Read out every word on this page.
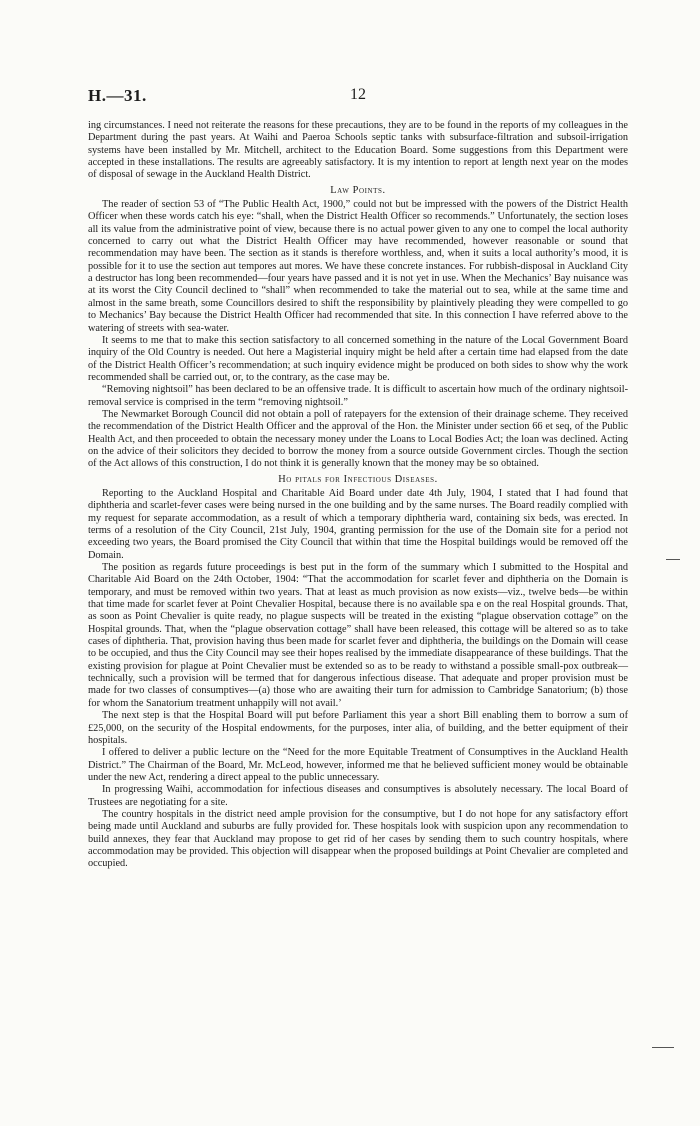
H.—31.	12

ing circumstances. I need not reiterate the reasons for these precautions, they are to be found in the reports of my colleagues in the Department during the past years. At Waihi and Paeroa Schools septic tanks with subsurface-filtration and subsoil-irrigation systems have been installed by Mr. Mitchell, architect to the Education Board. Some suggestions from this Department were accepted in these installations. The results are agreeably satisfactory. It is my intention to report at length next year on the modes of disposal of sewage in the Auckland Health District.

Law Points.

The reader of section 53 of “The Public Health Act, 1900,” could not but be impressed with the powers of the District Health Officer when these words catch his eye: “shall, when the District Health Officer so recommends.” Unfortunately, the section loses all its value from the administrative point of view, because there is no actual power given to any one to compel the local authority concerned to carry out what the District Health Officer may have recommended, however reasonable or sound that recommendation may have been. The section as it stands is therefore worthless, and, when it suits a local authority’s mood, it is possible for it to use the section aut tempores aut mores. We have these concrete instances. For rubbish-disposal in Auckland City a destructor has long been recommended—four years have passed and it is not yet in use. When the Mechanics’ Bay nuisance was at its worst the City Council declined to “shall” when recommended to take the material out to sea, while at the same time and almost in the same breath, some Councillors desired to shift the responsibility by plaintively pleading they were compelled to go to Mechanics’ Bay because the District Health Officer had recommended that site. In this connection I have referred above to the watering of streets with sea-water.

It seems to me that to make this section satisfactory to all concerned something in the nature of the Local Government Board inquiry of the Old Country is needed. Out here a Magisterial inquiry might be held after a certain time had elapsed from the date of the District Health Officer’s recommendation; at such inquiry evidence might be produced on both sides to show why the work recommended shall be carried out, or, to the contrary, as the case may be.

“Removing nightsoil” has been declared to be an offensive trade. It is difficult to ascertain how much of the ordinary nightsoil-removal service is comprised in the term “removing nightsoil.”

The Newmarket Borough Council did not obtain a poll of ratepayers for the extension of their drainage scheme. They received the recommendation of the District Health Officer and the approval of the Hon. the Minister under section 66 et seq, of the Public Health Act, and then proceeded to obtain the necessary money under the Loans to Local Bodies Act; the loan was declined. Acting on the advice of their solicitors they decided to borrow the money from a source outside Government circles. Though the section of the Act allows of this construction, I do not think it is generally known that the money may be so obtained.

Ho pitals for Infectious Diseases.

Reporting to the Auckland Hospital and Charitable Aid Board under date 4th July, 1904, I stated that I had found that diphtheria and scarlet-fever cases were being nursed in the one building and by the same nurses. The Board readily complied with my request for separate accommodation, as a result of which a temporary diphtheria ward, containing six beds, was erected. In terms of a resolution of the City Council, 21st July, 1904, granting permission for the use of the Domain site for a period not exceeding two years, the Board promised the City Council that within that time the Hospital buildings would be removed off the Domain.

The position as regards future proceedings is best put in the form of the summary which I submitted to the Hospital and Charitable Aid Board on the 24th October, 1904: “That the accommodation for scarlet fever and diphtheria on the Domain is temporary, and must be removed within two years. That at least as much provision as now exists—viz., twelve beds—be within that time made for scarlet fever at Point Chevalier Hospital, because there is no available spa e on the real Hospital grounds. That, as soon as Point Chevalier is quite ready, no plague suspects will be treated in the existing “plague observation cottage” on the Hospital grounds. That, when the “plague observation cottage” shall have been released, this cottage will be altered so as to take cases of diphtheria. That, provision having thus been made for scarlet fever and diphtheria, the buildings on the Domain will cease to be occupied, and thus the City Council may see their hopes realised by the immediate disappearance of these buildings. That the existing provision for plague at Point Chevalier must be extended so as to be ready to withstand a possible small-pox outbreak—technically, such a provision will be termed that for dangerous infectious disease. That adequate and proper provision must be made for two classes of consumptives—(a) those who are awaiting their turn for admission to Cambridge Sanatorium; (b) those for whom the Sanatorium treatment unhappily will not avail.’

The next step is that the Hospital Board will put before Parliament this year a short Bill enabling them to borrow a sum of £25,000, on the security of the Hospital endowments, for the purposes, inter alia, of building, and the better equipment of their hospitals.

I offered to deliver a public lecture on the “Need for the more Equitable Treatment of Consumptives in the Auckland Health District.” The Chairman of the Board, Mr. McLeod, however, informed me that he believed sufficient money would be obtainable under the new Act, rendering a direct appeal to the public unnecessary.

In progressing Waihi, accommodation for infectious diseases and consumptives is absolutely necessary. The local Board of Trustees are negotiating for a site.

The country hospitals in the district need ample provision for the consumptive, but I do not hope for any satisfactory effort being made until Auckland and suburbs are fully provided for. These hospitals look with suspicion upon any recommendation to build annexes, they fear that Auckland may propose to get rid of her cases by sending them to such country hospitals, where accommodation may be provided. This objection will disappear when the proposed buildings at Point Chevalier are completed and occupied.
